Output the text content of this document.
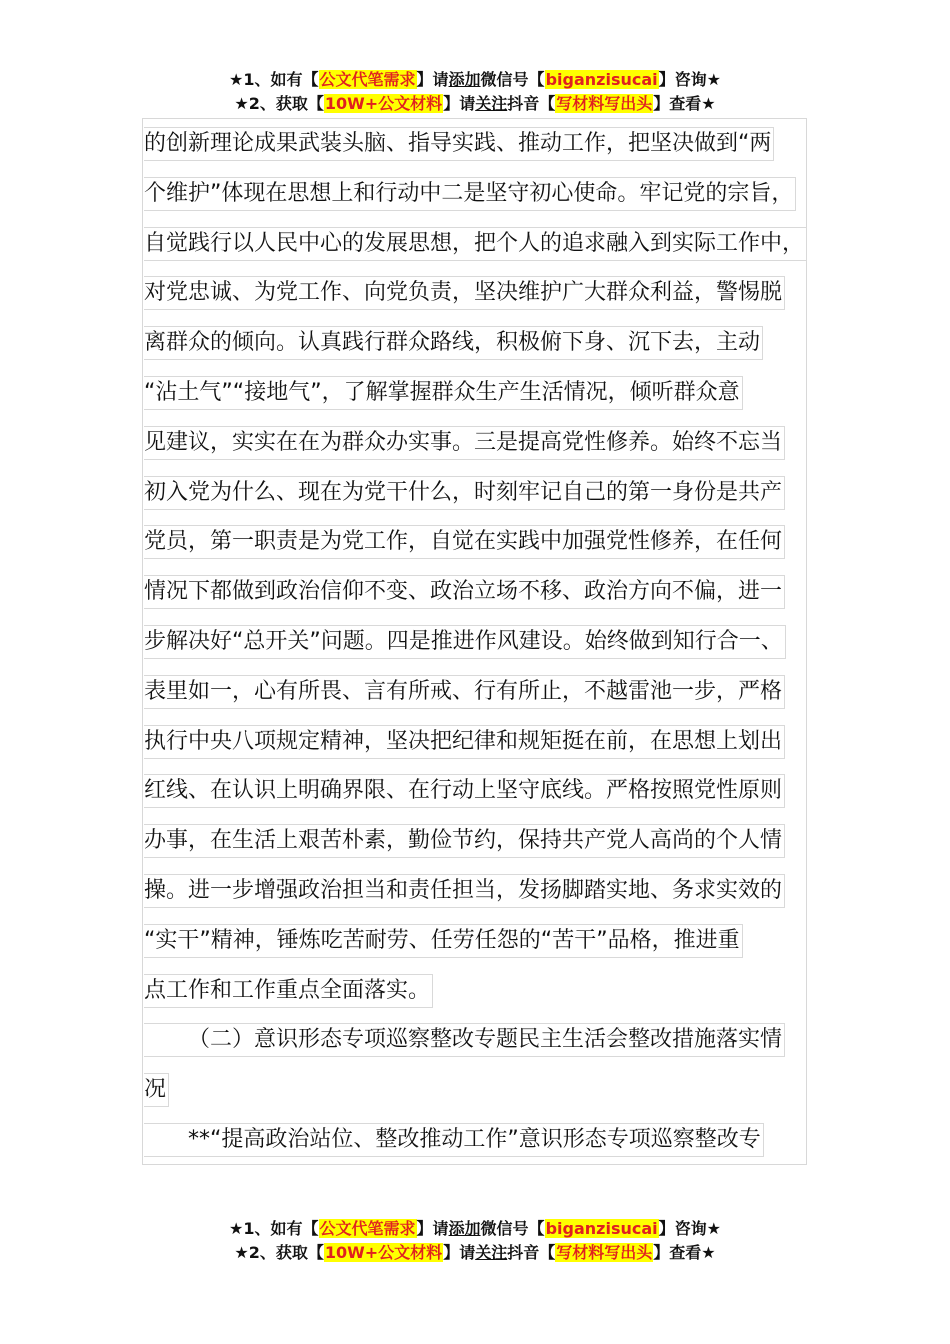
★1、如有【公文代笔需求】请添加微信号【biganzisucai】咨询★
★2、获取【10W+公文材料】请关注抖音【写材料写出头】查看★
的创新理论成果武装头脑、指导实践、推动工作，把坚决做到“两
个维护”体现在思想上和行动中二是坚守初心使命。牢记党的宗旨，
自觉践行以人民中心的发展思想，把个人的追求融入到实际工作中，
对党忠诚、为党工作、向党负责，坚决维护广大群众利益，警惕脱
离群众的倾向。认真践行群众路线，积极俯下身、沉下去，主动
“沾土气”“接地气”，了解掌握群众生产生活情况，倾听群众意
见建议，实实在在为群众办实事。三是提高党性修养。始终不忘当
初入党为什么、现在为党干什么，时刻牢记自己的第一身份是共产
党员，第一职责是为党工作，自觉在实践中加强党性修养，在任何
情况下都做到政治信仰不变、政治立场不移、政治方向不偏，进一
步解决好“总开关”问题。四是推进作风建设。始终做到知行合一、
表里如一，心有所畏、言有所戒、行有所止，不越雷池一步，严格
执行中央八项规定精神，坚决把纪律和规矩挺在前，在思想上划出
红线、在认识上明确界限、在行动上坚守底线。严格按照党性原则
办事，在生活上艰苦朴素，勤俭节约，保持共产党人高尚的个人情
操。进一步增强政治担当和责任担当，发扬脚踏实地、务求实效的
“实干”精神，锤炼吃苦耐劳、任劳任怨的“苦干”品格，推进重
点工作和工作重点全面落实。
（二）意识形态专项巡察整改专题民主生活会整改措施落实情
况
**“提高政治站位、整改推动工作”意识形态专项巡察整改专
★1、如有【公文代笔需求】请添加微信号【biganzisucai】咨询★
★2、获取【10W+公文材料】请关注抖音【写材料写出头】查看★
